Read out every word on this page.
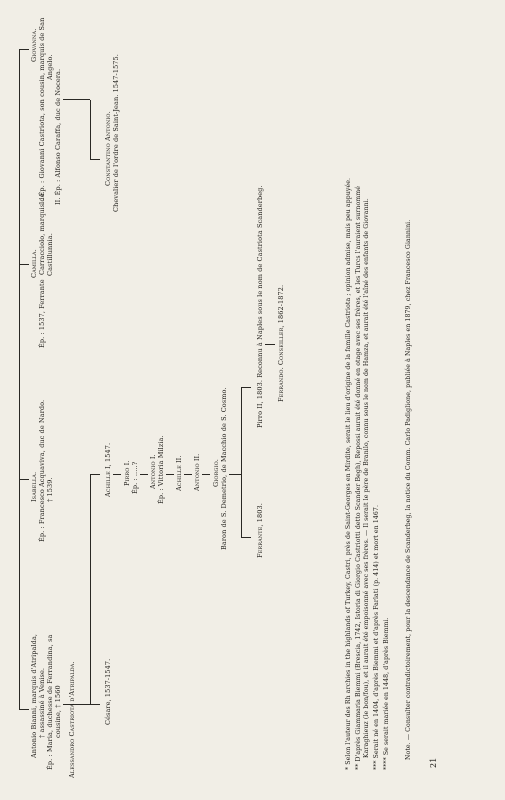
Antonio Bianni, marquis d'Atripalda, † assassiné à Venise. Ép. : Maria, duchesse de Ferrandina, sa cousine, † 1560 Alessandro Castriota d'Atripalda.	Césare, 1537-1547.
Isabella. Ép. : Francesco Acquaviva, duc de Nardo. † 1539.	Achille I, 1547. Pirro I. Ép. : .....? Antonio I. Ép. : Vittoria Milzia. Achille II. Antonio II. Giorgio. Baron de S. Demetrio, de Macchio de S. Cosmo.	Ferrante, 1803.
Pirro II, 1803. Reconnu à Naples sous le nom de Castriota Scanderbeg. Ferrando. Conseiller, 1862-1872.
Camilla.
Ép. : 1537, Ferrante
Carracciolo, marquis de Castillunnia.
Giovanna. 1. Ép. : Giovanni Castriota, son cousin, marquis de San Angelo.
II. Ép. : Alfonso Caraffa, duc de Nocera.	Constantino Antonio. Chevalier de l'ordre de Saint-Jean. 1547-1575.
* Selon l'auteur des Rh archies in the highlands of Turkey, Castri, près de Saint-Georges en Mirdite, serait le lieu d'origine de la famille Castriota ; opinion admise, mais peu appuyée. ** D'après Giammaria Biemmi (Brescia, 1742, Istoria di Giorgio Castriotti detto Scander Begh), Repossi aurait été donné en otage avec ses frères, et les Turcs l'auraient surnommé Karaghieuz (le bon/fou), et il aurait été empoisonné avec ses frères. — Il serait le père de Branilo, connu sous le nom de Hamza, et aurait été l'aîné des enfants de Giovanni. *** Serait né en 1404, d'après Biemmi et d'après Farlati (p. 414) et mort en 1467. **** Se serait mariée en 1448, d'après Biemmi. Note. — Consulter contradictoirement, pour la descendance de Scanderbeg, la notice du Comm. Carlo Padiglione, publiée à Naples en 1879, chez Francesco Giannini.
21
